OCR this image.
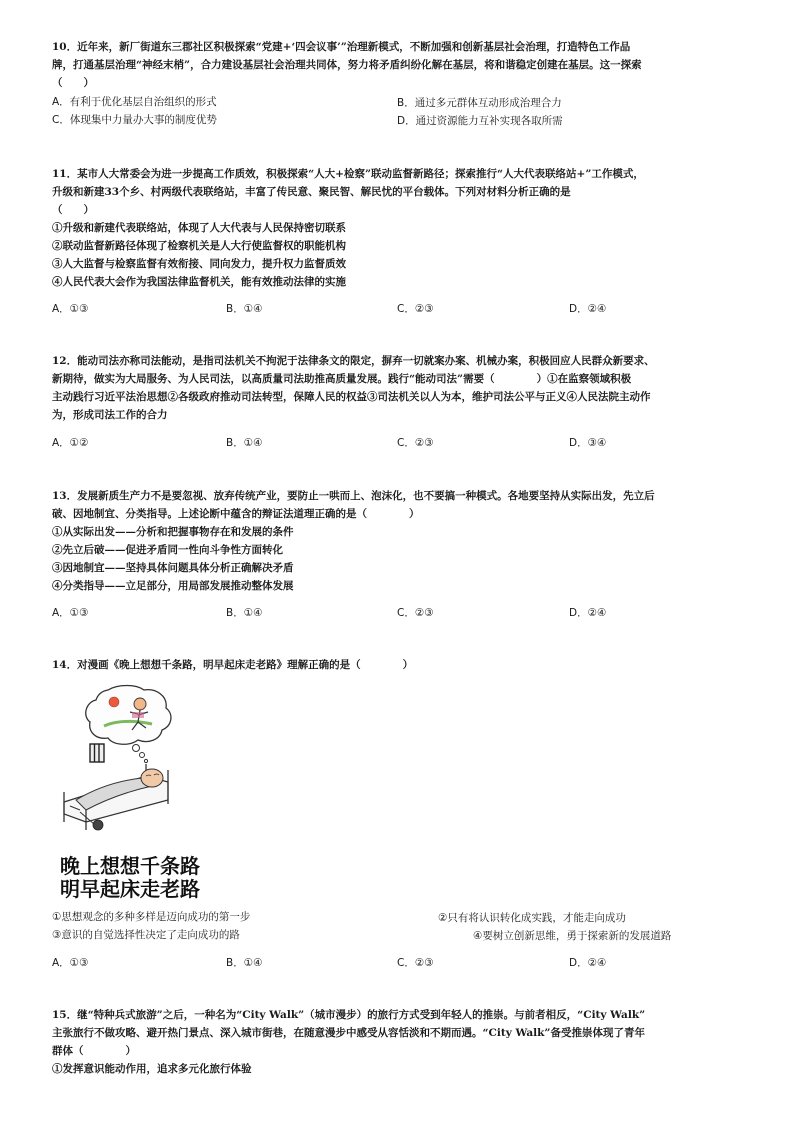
10．近年来，新厂街道东三郡社区积极探索“党建+‘四会议事’”治理新模式，不断加强和创新基层社会治理，打造特色工作品
牌，打通基层治理“神经末梢”，合力建设基层社会治理共同体，努力将矛盾纠纷化解在基层，将和谐稳定创建在基层。这一探索
（　　）
A．有利于优化基层自治组织的形式	B．通过多元群体互动形成治理合力
C．体现集中力量办大事的制度优势	D．通过资源能力互补实现各取所需
11．某市人大常委会为进一步提高工作质效，积极探索“人大+检察”联动监督新路径；探索推行“人大代表联络站+”工作模式，
升级和新建33个乡、村两级代表联络站，丰富了传民意、聚民智、解民忧的平台载体。下列对材料分析正确的是
（　　）
①升级和新建代表联络站，体现了人大代表与人民保持密切联系
②联动监督新路径体现了检察机关是人大行使监督权的职能机构
③人大监督与检察监督有效衔接、同向发力，提升权力监督质效
④人民代表大会作为我国法律监督机关，能有效推动法律的实施
A．①③	B．①④	C．②③	D．②④
12．能动司法亦称司法能动，是指司法机关不拘泥于法律条文的限定，摒弃一切就案办案、机械办案，积极回应人民群众新要求、
新期待，做实为大局服务、为人民司法，以高质量司法助推高质量发展。践行“能动司法”需要（　　　　）①在监察领域积极
主动践行习近平法治思想②各级政府推动司法转型，保障人民的权益③司法机关以人为本，维护司法公平与正义④人民法院主动作
为，形成司法工作的合力
A．①②	B．①④	C．②③	D．③④
13．发展新质生产力不是要忽视、放弃传统产业，要防止一哄而上、泡沫化，也不要搞一种模式。各地要坚持从实际出发，先立后
破、因地制宜、分类指导。上述论断中蕴含的辩证法道理正确的是（　　　　）
①从实际出发——分析和把握事物存在和发展的条件
②先立后破——促进矛盾同一性向斗争性方面转化
③因地制宜——坚持具体问题具体分析正确解决矛盾
④分类指导——立足部分，用局部发展推动整体发展
A．①③	B．①④	C．②③	D．②④
14．对漫画《晚上想想千条路，明早起床走老路》理解正确的是（　　　　）
晚上想想千条路
明早起床走老路
①思想观念的多种多样是迈向成功的第一步	②只有将认识转化成实践，才能走向成功
③意识的自觉选择性决定了走向成功的路	④要树立创新思维，勇于探索新的发展道路
A．①③	B．①④	C．②③	D．②④
15．继“特种兵式旅游”之后，一种名为“City Walk”（城市漫步）的旅行方式受到年轻人的推崇。与前者相反，“City Walk”
主张旅行不做攻略、避开热门景点、深入城市街巷，在随意漫步中感受从容恬淡和不期而遇。“City Walk”备受推崇体现了青年
群体（　　　　）
①发挥意识能动作用，追求多元化旅行体验
